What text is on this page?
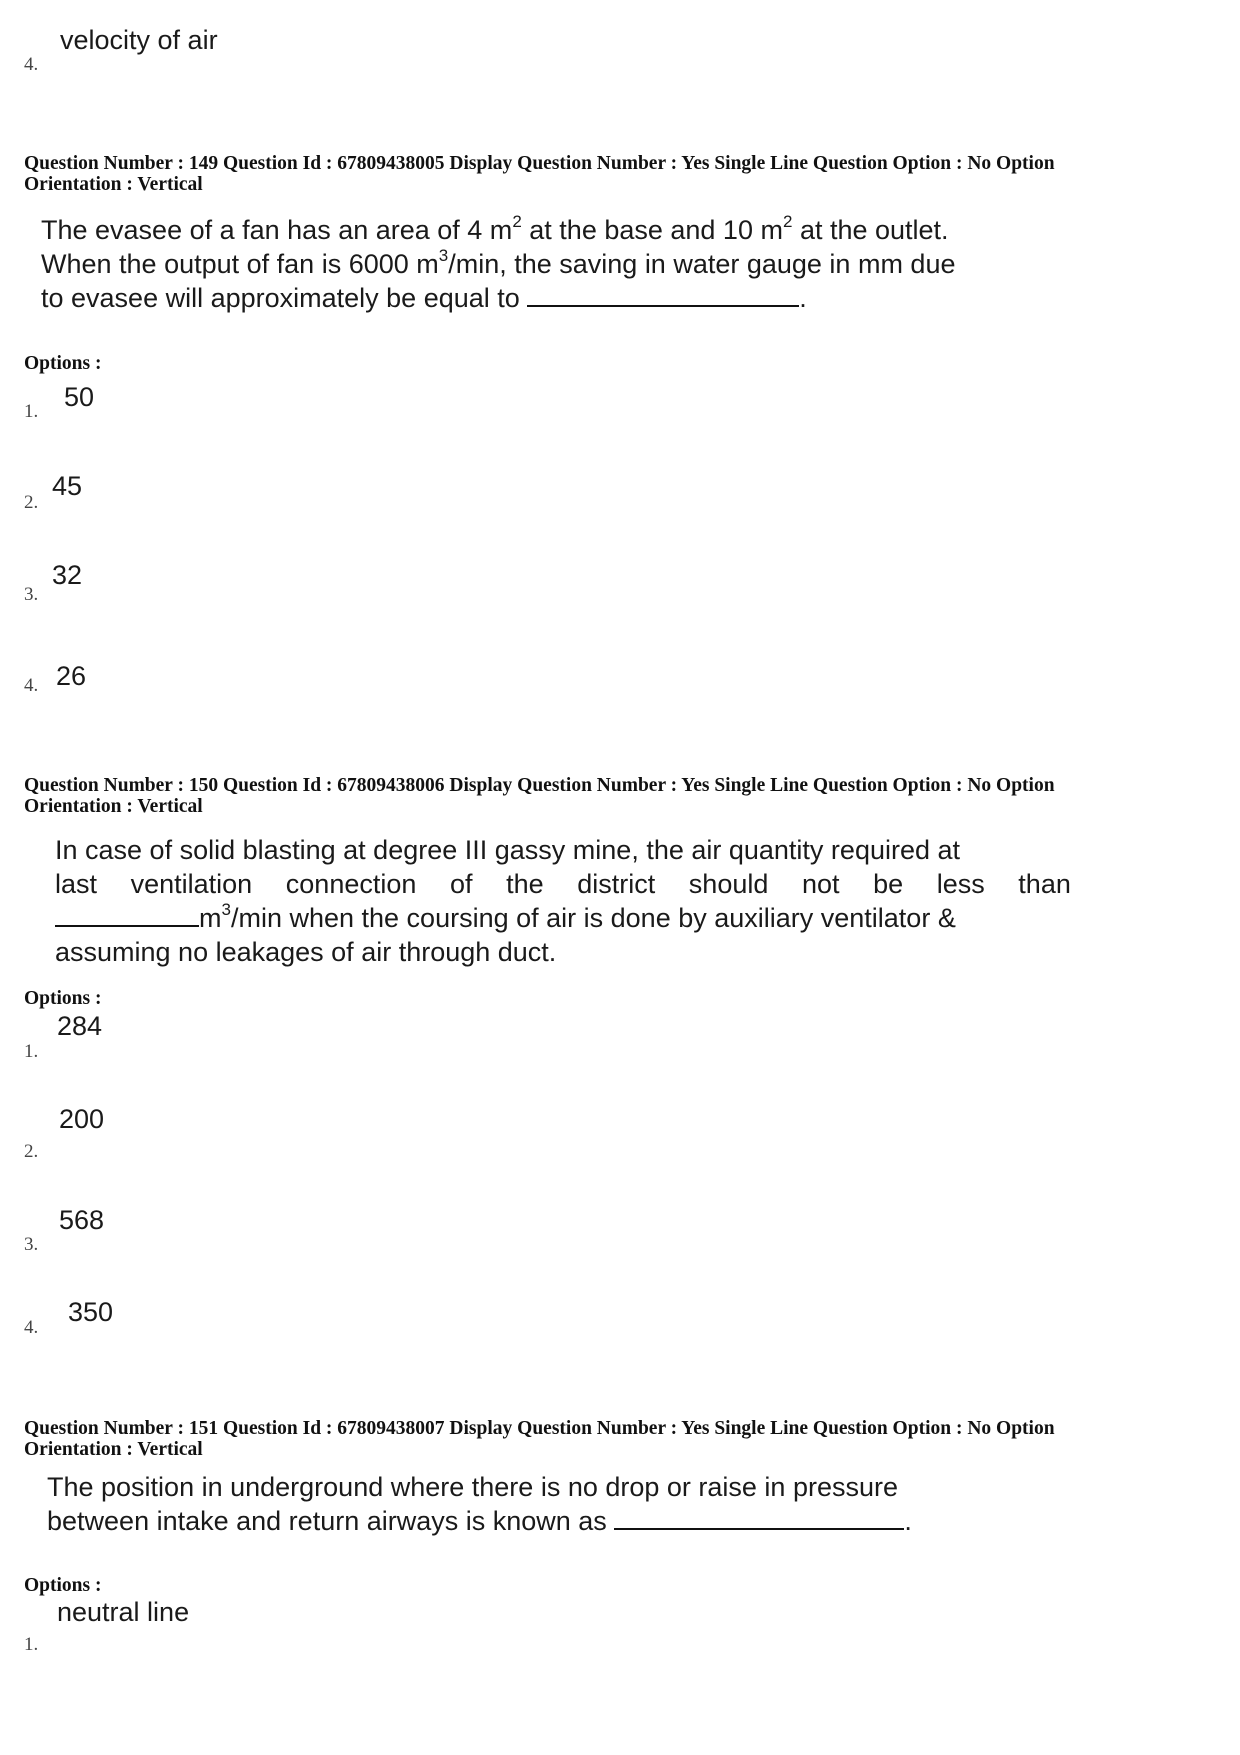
4.
velocity of air
Question Number : 149 Question Id : 67809438005 Display Question Number : Yes Single Line Question Option : No Option
Orientation : Vertical
The evasee of a fan has an area of 4 $m^2$ at the base and 10 $m^2$ at the outlet.
When the output of fan is 6000 $m^3/\min$, the saving in water gauge in mm due
to evasee will approximately be equal to	.
Options :
1. 50
2.
45
3.
32
4. 26
Question Number : 150 Question Id : 67809438006 Display Question Number : Yes Single Line Question Option : No Option
Orientation : Vertical
In case of solid blasting at degree III gassy mine, the air quantity required at
last ventilation connection of the district should not be less than
$m^3/\min$ when the coursing of air is done by auxiliary ventilator &
assuming no leakages of air through duct.
Options :
1.
284
2.
200
3.
568
4.
350
Question Number : 151 Question Id : 67809438007 Display Question Number : Yes Single Line Question Option : No Option
Orientation : Vertical
The position in underground where there is no drop or raise in pressure
between intake and return airways is known as	.
Options :
1.
neutral line
